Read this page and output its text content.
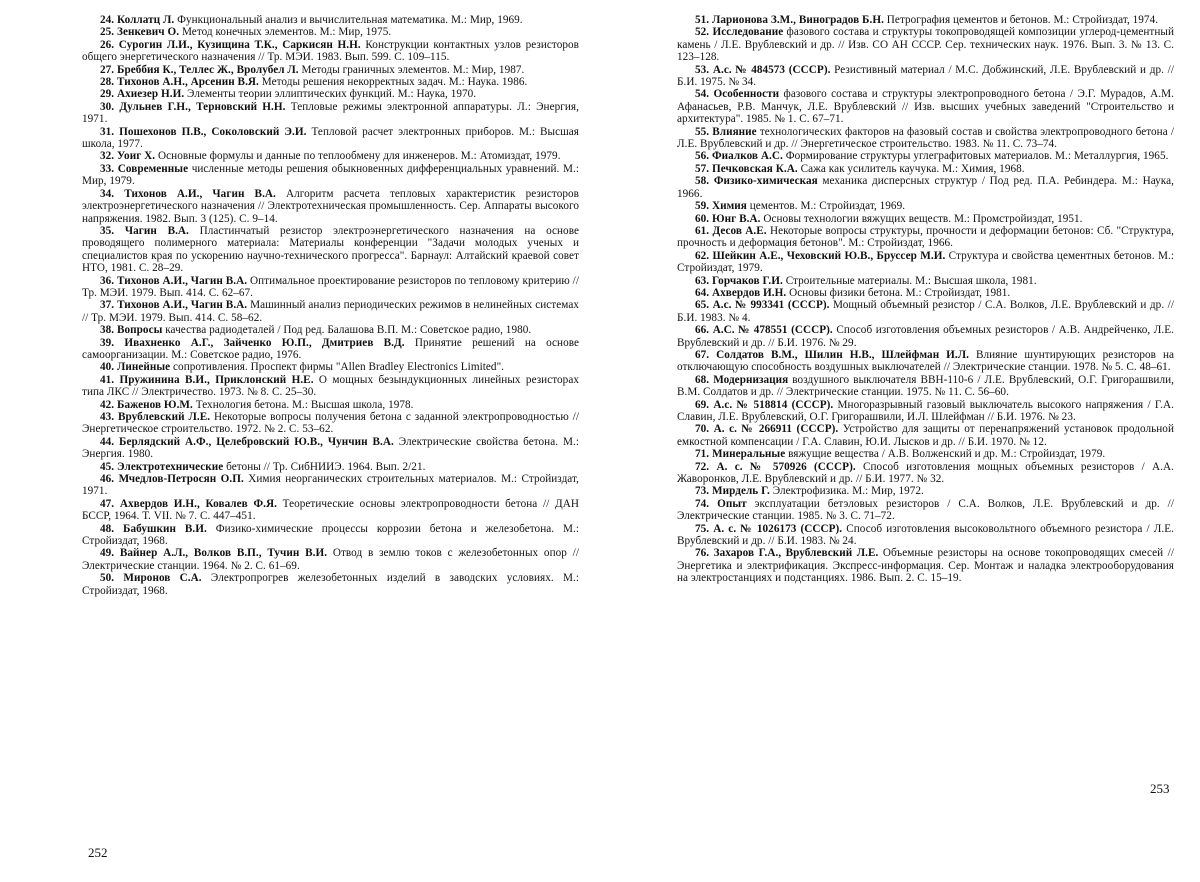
24. Коллатц Л. Функциональный анализ и вычислительная математика. М.: Мир, 1969.
25. Зенкевич О. Метод конечных элементов. М.: Мир, 1975.
26. Сурогин Л.И., Кузищина Т.К., Саркисян Н.Н. Конструкции контактных узлов резисторов общего энергетического назначения // Тр. МЭИ. 1983. Вып. 599. С. 109–115.
27. Бреббия К., Теллес Ж., Вролубел Л. Методы граничных элементов. М.: Мир, 1987.
28. Тихонов А.Н., Арсенин В.Я. Методы решения некорректных задач. М.: Наука. 1986.
29. Ахиезер Н.И. Элементы теории эллиптических функций. М.: Наука, 1970.
30. Дульнев Г.Н., Терновский Н.Н. Тепловые режимы электронной аппаратуры. Л.: Энергия, 1971.
31. Пошехонов П.В., Соколовский Э.И. Тепловой расчет электронных приборов. М.: Высшая школа, 1977.
32. Уоиг Х. Основные формулы и данные по теплообмену для инженеров. М.: Атомиздат, 1979.
33. Современные численные методы решения обыкновенных дифференциальных уравнений. М.: Мир, 1979.
34. Тихонов А.И., Чагин В.А. Алгоритм расчета тепловых характеристик резисторов электроэнергетического назначения // Электротехническая промышленность. Сер. Аппараты высокого напряжения. 1982. Вып. 3 (125). С. 9–14.
35. Чагин В.А. Пластинчатый резистор электроэнергетического назначения на основе проводящего полимерного материала: Материалы конференции "Задачи молодых ученых и специалистов края по ускорению научно-технического прогресса". Барнаул: Алтайский краевой совет НТО, 1981. С. 28–29.
36. Тихонов А.И., Чагин В.А. Оптимальное проектирование резисторов по тепловому критерию // Тр. МЭИ. 1979. Вып. 414. С. 62–67.
37. Тихонов А.И., Чагин В.А. Машинный анализ периодических режимов в нелинейных системах // Тр. МЭИ. 1979. Вып. 414. С. 58–62.
38. Вопросы качества радиодеталей / Под ред. Балашова В.П. М.: Советское радио, 1980.
39. Ивахненко А.Г., Зайченко Ю.П., Дмитриев В.Д. Принятие решений на основе самоорганизации. М.: Советское радио, 1976.
40. Линейные сопротивления. Проспект фирмы "Allen Bradley Electronics Limited".
41. Пружинина В.И., Приклонский Н.Е. О мощных безындукционных линейных резисторах типа ЛКС // Электричество. 1973. № 8. С. 25–30.
42. Баженов Ю.М. Технология бетона. М.: Высшая школа, 1978.
43. Врублевский Л.Е. Некоторые вопросы получения бетона с заданной электропроводностью // Энергетическое строительство. 1972. № 2. С. 53–62.
44. Берлядский А.Ф., Целебровский Ю.В., Чунчин В.А. Электрические свойства бетона. М.: Энергия. 1980.
45. Электротехнические бетоны // Тр. СибНИИЭ. 1964. Вып. 2/21.
46. Мчедлов-Петросян О.П. Химия неорганических строительных материалов. М.: Стройиздат, 1971.
47. Ахвердов И.Н., Ковалев Ф.Я. Теоретические основы электропроводности бетона // ДАН БССР, 1964. Т. VII. № 7. С. 447–451.
48. Бабушкин В.И. Физико-химические процессы коррозии бетона и железобетона. М.: Стройиздат, 1968.
49. Вайнер А.Л., Волков В.П., Тучин В.И. Отвод в землю токов с железобетонных опор // Электрические станции. 1964. № 2. С. 61–69.
50. Миронов С.А. Электропрогрев железобетонных изделий в заводских условиях. М.: Стройиздат, 1968.
51. Ларионова З.М., Виноградов Б.Н. Петрография цементов и бетонов. М.: Стройиздат, 1974.
52. Исследование фазового состава и структуры токопроводящей композиции углерод-цементный камень / Л.Е. Врублевский и др. // Изв. СО АН СССР. Сер. технических наук. 1976. Вып. 3. № 13. С. 123–128.
53. А.с. № 484573 (СССР). Резистивный материал / М.С. Добжинский, Л.Е. Врублевский и др. // Б.И. 1975. № 34.
54. Особенности фазового состава и структуры электропроводного бетона / Э.Г. Мурадов, А.М. Афанасьев, Р.В. Манчук, Л.Е. Врублевский // Изв. высших учебных заведений "Строительство и архитектура". 1985. № 1. С. 67–71.
55. Влияние технологических факторов на фазовый состав и свойства электропроводного бетона / Л.Е. Врублевский и др. // Энергетическое строительство. 1983. № 11. С. 73–74.
56. Фиалков А.С. Формирование структуры углеграфитовых материалов. М.: Металлургия, 1965.
57. Печковская К.А. Сажа как усилитель каучука. М.: Химия, 1968.
58. Физико-химическая механика дисперсных структур / Под ред. П.А. Ребиндера. М.: Наука, 1966.
59. Химия цементов. М.: Стройиздат, 1969.
60. Юнг В.А. Основы технологии вяжущих веществ. М.: Промстройиздат, 1951.
61. Десов А.Е. Некоторые вопросы структуры, прочности и деформации бетонов: Сб. "Структура, прочность и деформация бетонов". М.: Стройиздат, 1966.
62. Шейкин А.Е., Чеховский Ю.В., Бруссер М.И. Структура и свойства цементных бетонов. М.: Стройиздат, 1979.
63. Горчаков Г.И. Строительные материалы. М.: Высшая школа, 1981.
64. Ахвердов И.Н. Основы физики бетона. М.: Стройиздат, 1981.
65. А.с. № 993341 (СССР). Мощный объемный резистор / С.А. Волков, Л.Е. Врублевский и др. // Б.И. 1983. № 4.
66. А.С. № 478551 (СССР). Способ изготовления объемных резисторов / А.В. Андрейченко, Л.Е. Врублевский и др. // Б.И. 1976. № 29.
67. Солдатов В.М., Шилин Н.В., Шлейфман И.Л. Влияние шунтирующих резисторов на отключающую способность воздушных выключателей // Электрические станции. 1978. № 5. С. 48–61.
68. Модернизация воздушного выключателя ВВН-110-6 / Л.Е. Врублевский, О.Г. Григорашвили, В.М. Солдатов и др. // Электрические станции. 1975. № 11. С. 56–60.
69. А.с. № 518814 (СССР). Многоразрывный газовый выключатель высокого напряжения / Г.А. Славин, Л.Е. Врублевский, О.Г. Григорашвили, И.Л. Шлейфман // Б.И. 1976. № 23.
70. А. с. № 266911 (СССР). Устройство для защиты от перенапряжений установок продольной емкостной компенсации / Г.А. Славин, Ю.И. Лысков и др. // Б.И. 1970. № 12.
71. Минеральные вяжущие вещества / А.В. Волженский и др. М.: Стройиздат, 1979.
72. А. с. № 570926 (СССР). Способ изготовления мощных объемных резисторов / А.А. Жаворонков, Л.Е. Врублевский и др. // Б.И. 1977. № 32.
73. Мирдель Г. Электрофизика. М.: Мир, 1972.
74. Опыт эксплуатации бетэловых резисторов / С.А. Волков, Л.Е. Врублевский и др. // Электрические станции. 1985. № 3. С. 71–72.
75. А. с. № 1026173 (СССР). Способ изготовления высоковольтного объемного резистора / Л.Е. Врублевский и др. // Б.И. 1983. № 24.
76. Захаров Г.А., Врублевский Л.Е. Объемные резисторы на основе токопроводящих смесей // Энергетика и электрификация. Экспресс-информация. Сер. Монтаж и наладка электрооборудования на электростанциях и подстанциях. 1986. Вып. 2. С. 15–19.
252
253
